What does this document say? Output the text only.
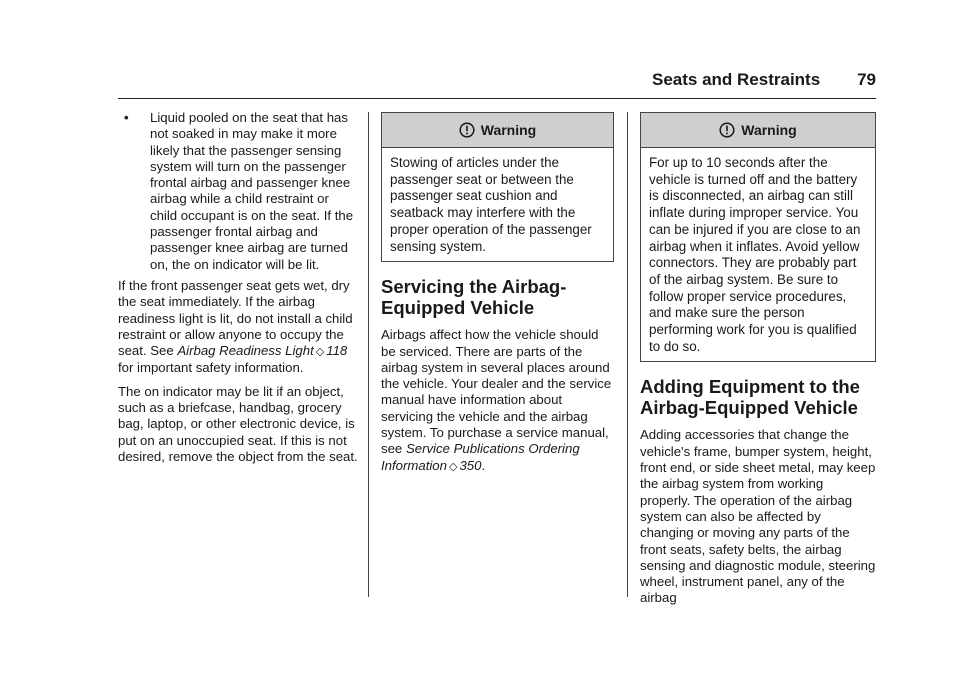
Seats and Restraints 79
•	Liquid pooled on the seat that has not soaked in may make it more likely that the passenger sensing system will turn on the passenger frontal airbag and passenger knee airbag while a child restraint or child occupant is on the seat. If the passenger frontal airbag and passenger knee airbag are turned on, the on indicator will be lit.

If the front passenger seat gets wet, dry the seat immediately. If the airbag readiness light is lit, do not install a child restraint or allow anyone to occupy the seat. See Airbag Readiness Light ◇ 118 for important safety information.

The on indicator may be lit if an object, such as a briefcase, handbag, grocery bag, laptop, or other electronic device, is put on an unoccupied seat. If this is not desired, remove the object from the seat.

Warning
Stowing of articles under the passenger seat or between the passenger seat cushion and seatback may interfere with the proper operation of the passenger sensing system.
Servicing the Airbag-Equipped Vehicle

Airbags affect how the vehicle should be serviced. There are parts of the airbag system in several places around the vehicle. Your dealer and the service manual have information about servicing the vehicle and the airbag system. To purchase a service manual, see Service Publications Ordering Information ◇ 350.

Warning
For up to 10 seconds after the vehicle is turned off and the battery is disconnected, an airbag can still inflate during improper service. You can be injured if you are close to an airbag when it inflates. Avoid yellow connectors. They are probably part of the airbag system. Be sure to follow proper service procedures, and make sure the person performing work for you is qualified to do so.
Adding Equipment to the Airbag-Equipped Vehicle

Adding accessories that change the vehicle's frame, bumper system, height, front end, or side sheet metal, may keep the airbag system from working properly. The operation of the airbag system can also be affected by changing or moving any parts of the front seats, safety belts, the airbag sensing and diagnostic module, steering wheel, instrument panel, any of the airbag
